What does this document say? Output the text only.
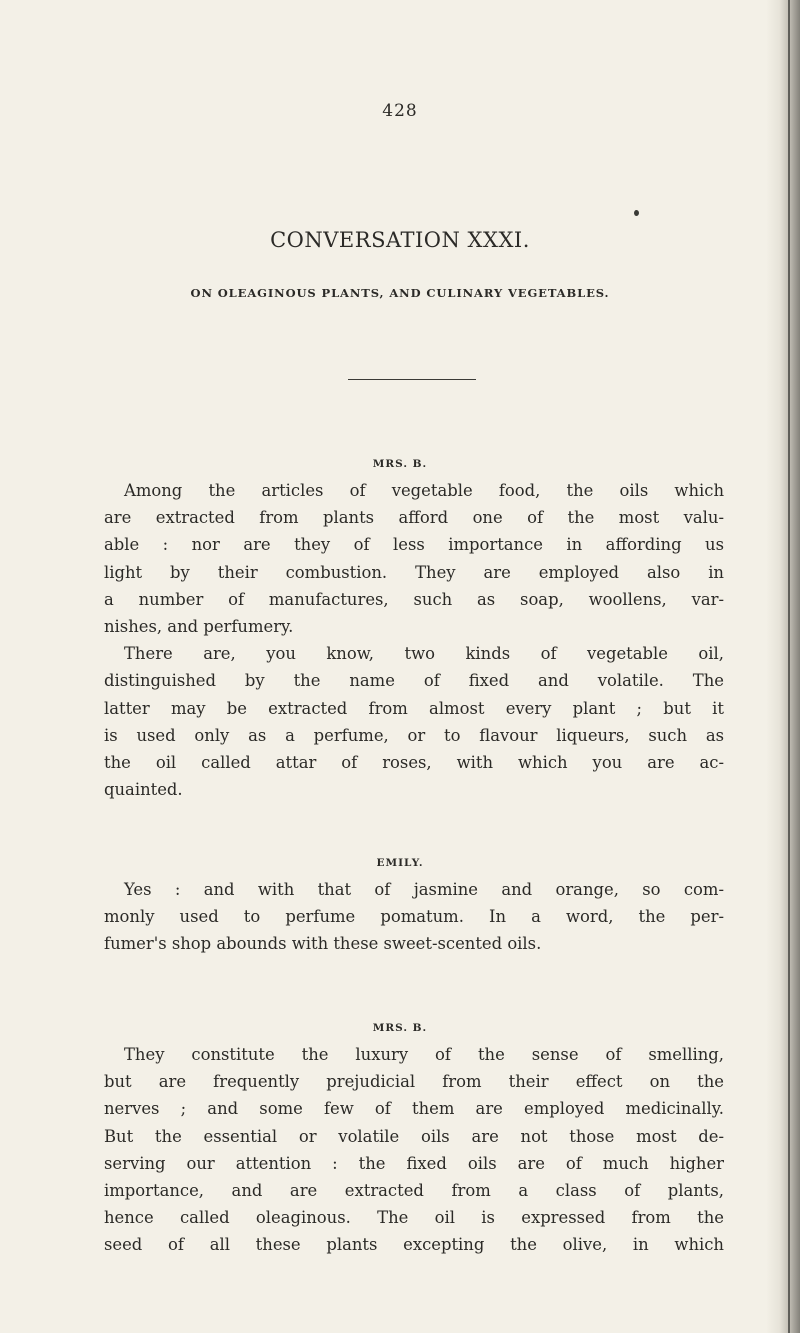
428
CONVERSATION XXXI.
ON OLEAGINOUS PLANTS, AND CULINARY VEGETABLES.
MRS. B.
Among the articles of vegetable food, the oils which
are extracted from plants afford one of the most valu-
able : nor are they of less importance in affording us
light by their combustion. They are employed also in
a number of manufactures, such as soap, woollens, var-
nishes, and perfumery.
There are, you know, two kinds of vegetable oil,
distinguished by the name of fixed and volatile. The
latter may be extracted from almost every plant ; but it
is used only as a perfume, or to flavour liqueurs, such as
the oil called attar of roses, with which you are ac-
quainted.
EMILY.
Yes : and with that of jasmine and orange, so com-
monly used to perfume pomatum. In a word, the per-
fumer's shop abounds with these sweet-scented oils.
MRS. B.
They constitute the luxury of the sense of smelling,
but are frequently prejudicial from their effect on the
nerves ; and some few of them are employed medicinally.
But the essential or volatile oils are not those most de-
serving our attention : the fixed oils are of much higher
importance, and are extracted from a class of plants,
hence called oleaginous. The oil is expressed from the
seed of all these plants excepting the olive, in which
